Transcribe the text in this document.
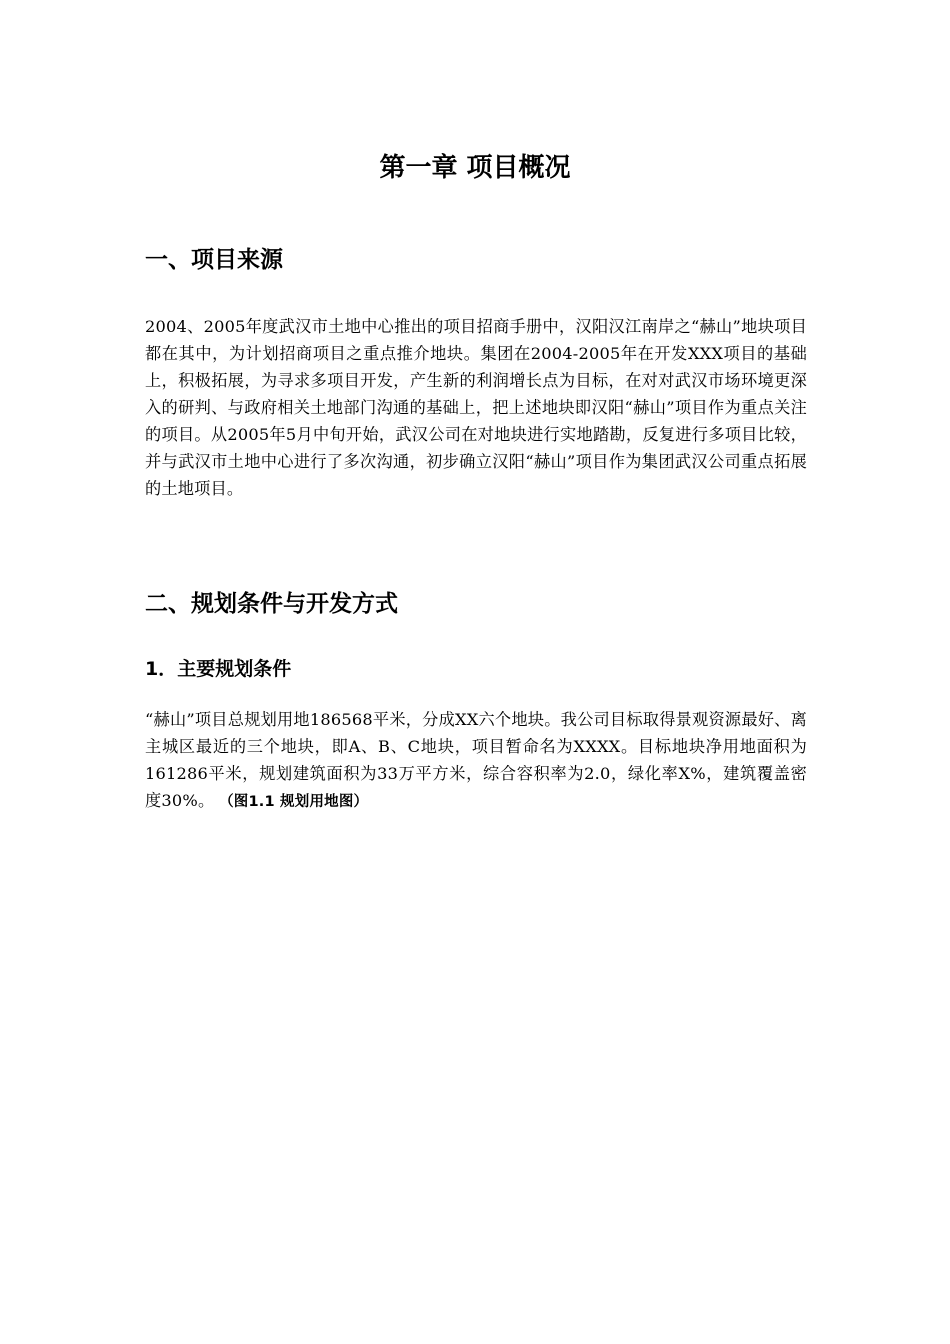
第一章 项目概况
一、项目来源

2004、2005年度武汉市土地中心推出的项目招商手册中，汉阳汉江南岸之“赫山”地块项目都在其中，为计划招商项目之重点推介地块。集团在2004-2005年在开发XXX项目的基础上，积极拓展，为寻求多项目开发，产生新的利润增长点为目标，在对对武汉市场环境更深入的研判、与政府相关土地部门沟通的基础上，把上述地块即汉阳“赫山”项目作为重点关注的项目。从2005年5月中旬开始，武汉公司在对地块进行实地踏勘，反复进行多项目比较，并与武汉市土地中心进行了多次沟通，初步确立汉阳“赫山”项目作为集团武汉公司重点拓展的土地项目。

二、规划条件与开发方式
1．主要规划条件

“赫山”项目总规划用地186568平米，分成XX六个地块。我公司目标取得景观资源最好、离主城区最近的三个地块，即A、B、C地块，项目暂命名为XXXX。目标地块净用地面积为161286平米，规划建筑面积为33万平方米，综合容积率为2.0，绿化率X%，建筑覆盖密度30%。 （图1.1 规划用地图）
